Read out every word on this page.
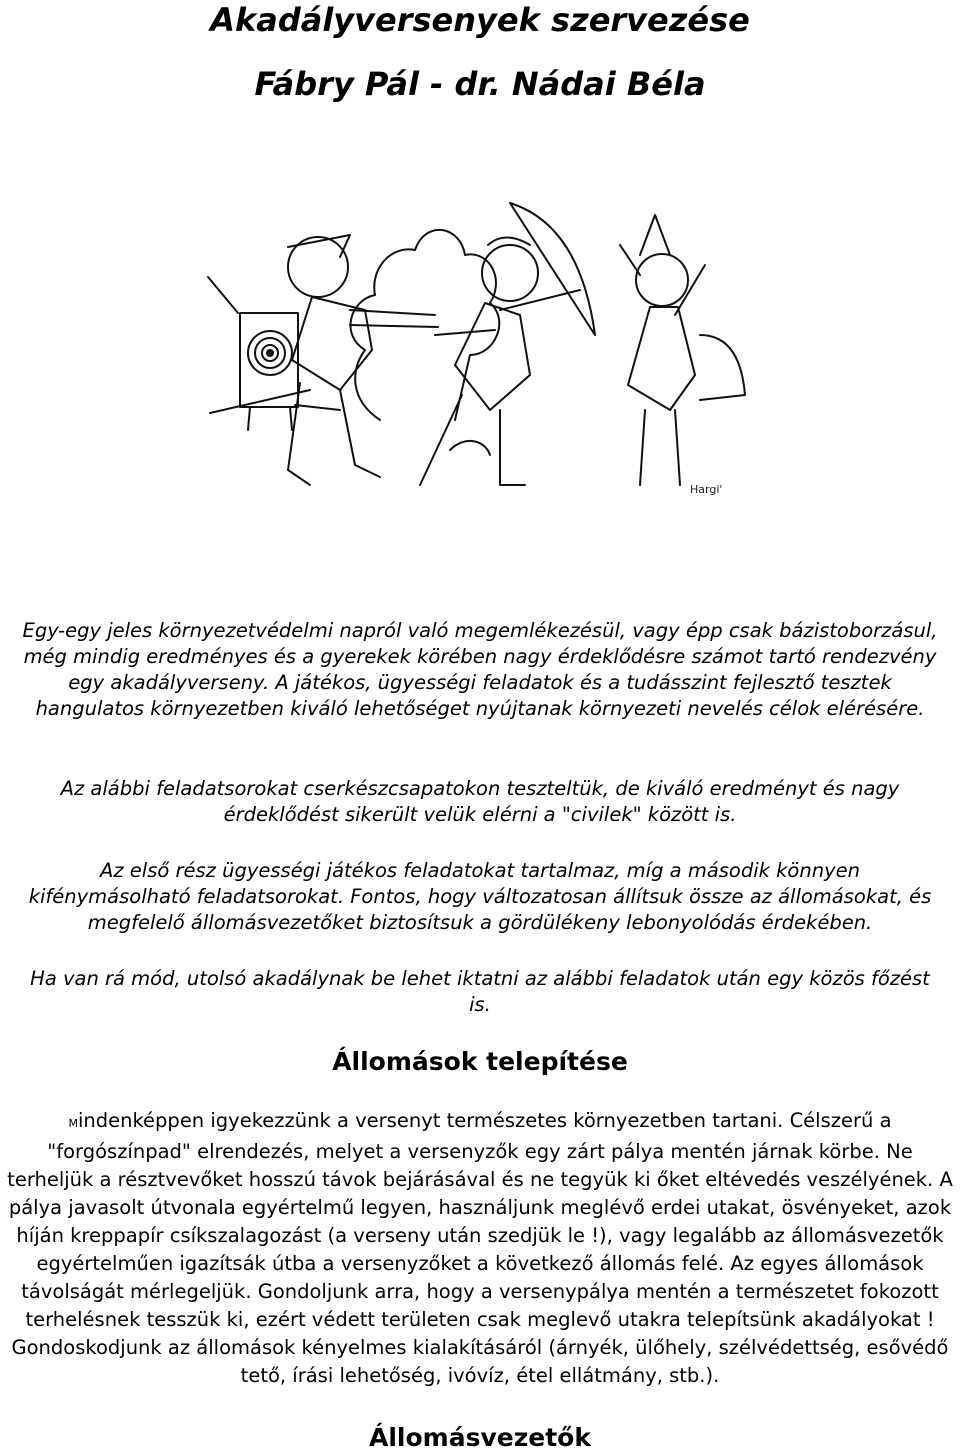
Akadályversenyek szervezése
Fábry Pál - dr. Nádai Béla
Hargi'

Egy-egy jeles környezetvédelmi napról való megemlékezésül, vagy épp csak bázistoborzásul, még mindig eredményes és a gyerekek körében nagy érdeklődésre számot tartó rendezvény egy akadályverseny. A játékos, ügyességi feladatok és a tudásszint fejlesztő tesztek hangulatos környezetben kiváló lehetőséget nyújtanak környezeti nevelés célok elérésére.

Az alábbi feladatsorokat cserkészcsapatokon teszteltük, de kiváló eredményt és nagy érdeklődést sikerült velük elérni a "civilek" között is.

Az első rész ügyességi játékos feladatokat tartalmaz, míg a második könnyen kifénymásolható feladatsorokat. Fontos, hogy változatosan állítsuk össze az állomásokat, és megfelelő állomásvezetőket biztosítsuk a gördülékeny lebonyolódás érdekében.

Ha van rá mód, utolsó akadálynak be lehet iktatni az alábbi feladatok után egy közös főzést is.

Állomások telepítése

Mindenképpen igyekezzünk a versenyt természetes környezetben tartani. Célszerű a "forgószínpad" elrendezés, melyet a versenyzők egy zárt pálya mentén járnak körbe. Ne terheljük a résztvevőket hosszú távok bejárásával és ne tegyük ki őket eltévedés veszélyének. A pálya javasolt útvonala egyértelmű legyen, használjunk meglévő erdei utakat, ösvényeket, azok híján kreppapír csíkszalagozást (a verseny után szedjük le !), vagy legalább az állomásvezetők egyértelműen igazítsák útba a versenyzőket a következő állomás felé. Az egyes állomások távolságát mérlegeljük. Gondoljunk arra, hogy a versenypálya mentén a természetet fokozott terhelésnek tesszük ki, ezért védett területen csak meglevő utakra telepítsünk akadályokat ! Gondoskodjunk az állomások kényelmes kialakításáról (árnyék, ülőhely, szélvédettség, esővédő tető, írási lehetőség, ivóvíz, étel ellátmány, stb.).

Állomásvezetők
